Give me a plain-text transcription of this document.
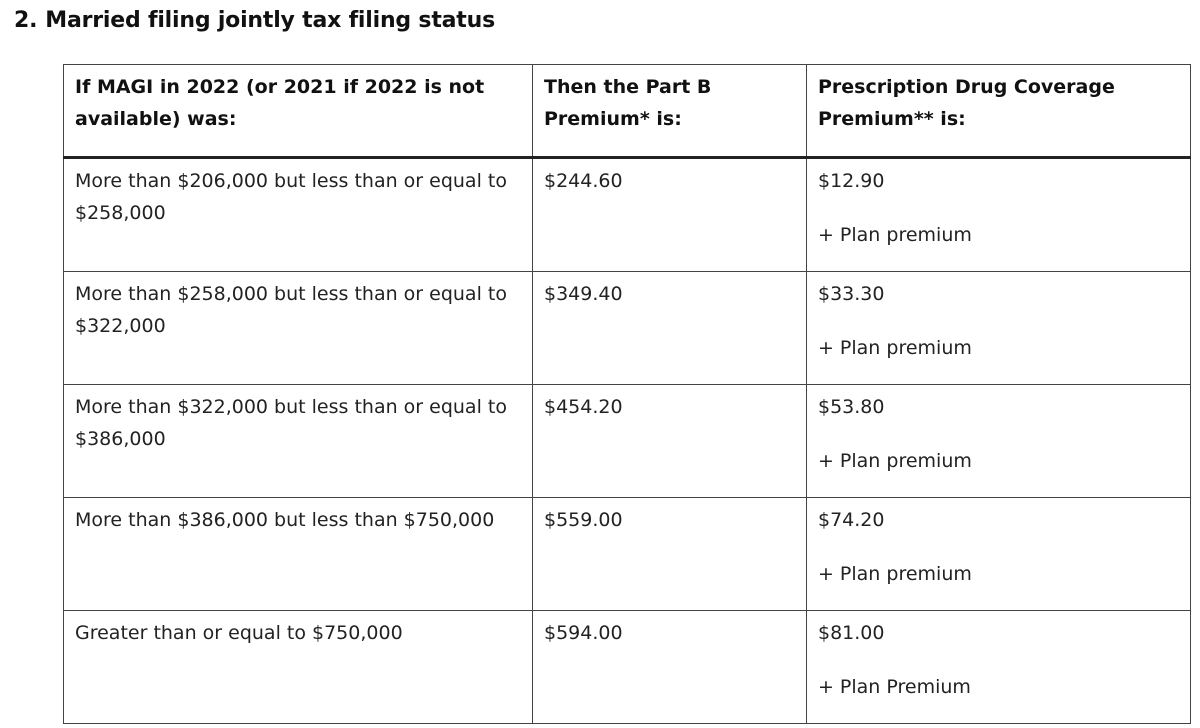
2. Married filing jointly tax filing status
If MAGI in 2022 (or 2021 if 2022 is not available) was:	Then the Part B Premium* is:	Prescription Drug Coverage Premium** is:
More than $206,000 but less than or equal to $258,000	$244.60	$12.90
+ Plan premium

More than $258,000 but less than or equal to $322,000	$349.40	$33.30
+ Plan premium

More than $322,000 but less than or equal to $386,000	$454.20	$53.80
+ Plan premium

More than $386,000 but less than $750,000	$559.00	$74.20
+ Plan premium

Greater than or equal to $750,000	$594.00	$81.00
+ Plan Premium
